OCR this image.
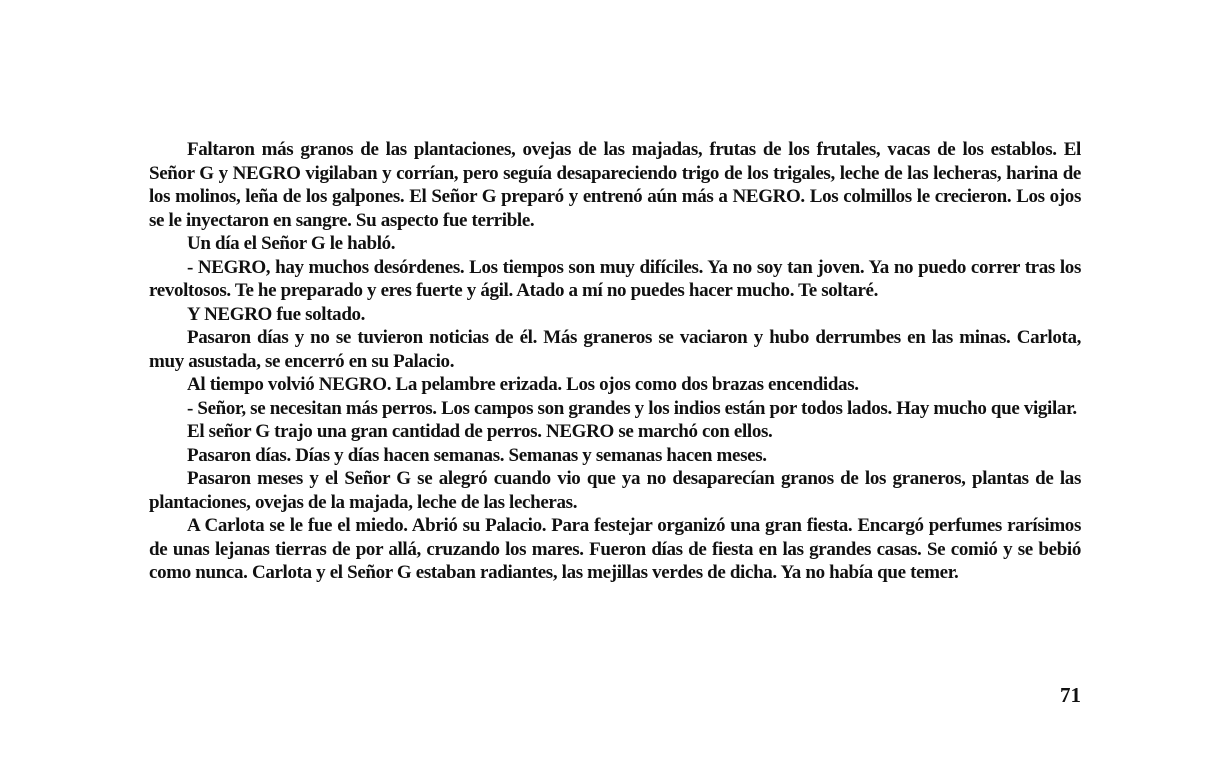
Faltaron más granos de las plantaciones, ovejas de las majadas, frutas de los frutales, vacas de los establos. El Señor G y NEGRO vigilaban y corrían, pero seguía desapareciendo trigo de los trigales, leche de las lecheras, harina de los molinos, leña de los galpones. El Señor G preparó y entrenó aún más a NEGRO. Los colmillos le crecieron. Los ojos se le inyectaron en sangre. Su aspecto fue terrible.

Un día el Señor G le habló.

- NEGRO, hay muchos desórdenes. Los tiempos son muy difíciles. Ya no soy tan joven. Ya no puedo correr tras los revoltosos. Te he preparado y eres fuerte y ágil. Atado a mí no puedes hacer mucho. Te soltaré.

Y NEGRO fue soltado.

Pasaron días y no se tuvieron noticias de él. Más graneros se vaciaron y hubo derrumbes en las minas. Carlota, muy asustada, se encerró en su Palacio.

Al tiempo volvió NEGRO. La pelambre erizada. Los ojos como dos brazas encendidas.

- Señor, se necesitan más perros. Los campos son grandes y los indios están por todos lados. Hay mucho que vigilar.

El señor G trajo una gran cantidad de perros. NEGRO se marchó con ellos.

Pasaron días. Días y días hacen semanas. Semanas y semanas hacen meses.

Pasaron meses y el Señor G se alegró cuando vio que ya no desaparecían granos de los graneros, plantas de las plantaciones, ovejas de la majada, leche de las lecheras.

A Carlota se le fue el miedo. Abrió su Palacio. Para festejar organizó una gran fiesta. Encargó perfumes rarísimos de unas lejanas tierras de por allá, cruzando los mares. Fueron días de fiesta en las grandes casas. Se comió y se bebió como nunca. Carlota y el Señor G estaban radiantes, las mejillas verdes de dicha. Ya no había que temer.

71
